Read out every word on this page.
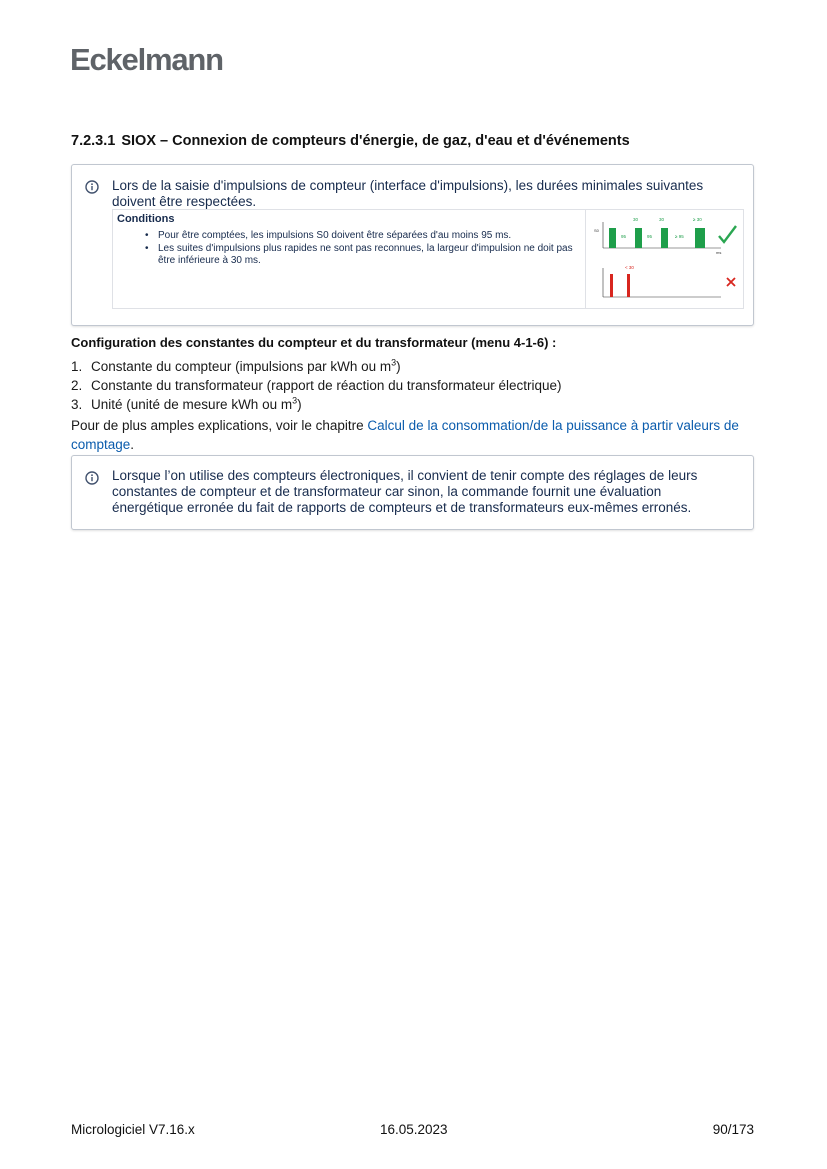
Eckelmann
7.2.3.1 SIOX – Connexion de compteurs d'énergie, de gaz, d'eau et d'événements
Lors de la saisie d'impulsions de compteur (interface d'impulsions), les durées minimales suivantes doivent être respectées.
Conditions
• Pour être comptées, les impulsions S0 doivent être séparées d'au moins 95 ms.
• Les suites d'impulsions plus rapides ne sont pas reconnues, la largeur d'impulsion ne doit pas être inférieure à 30 ms.
S0
ms
30	30	≥ 30
95	95	≥ 95
< 30
Configuration des constantes du compteur et du transformateur (menu 4-1-6) :
1. Constante du compteur (impulsions par kWh ou $m^3$)
2. Constante du transformateur (rapport de réaction du transformateur électrique)
3. Unité (unité de mesure kWh ou $m^3$)
Pour de plus amples explications, voir le chapitre Calcul de la consommation/de la puissance à partir valeurs de comptage.
Lorsque l’on utilise des compteurs électroniques, il convient de tenir compte des réglages de leurs constantes de compteur et de transformateur car sinon, la commande fournit une évaluation énergétique erronée du fait de rapports de compteurs et de transformateurs eux-mêmes erronés.
Micrologiciel V7.16.x	16.05.2023	90/173
